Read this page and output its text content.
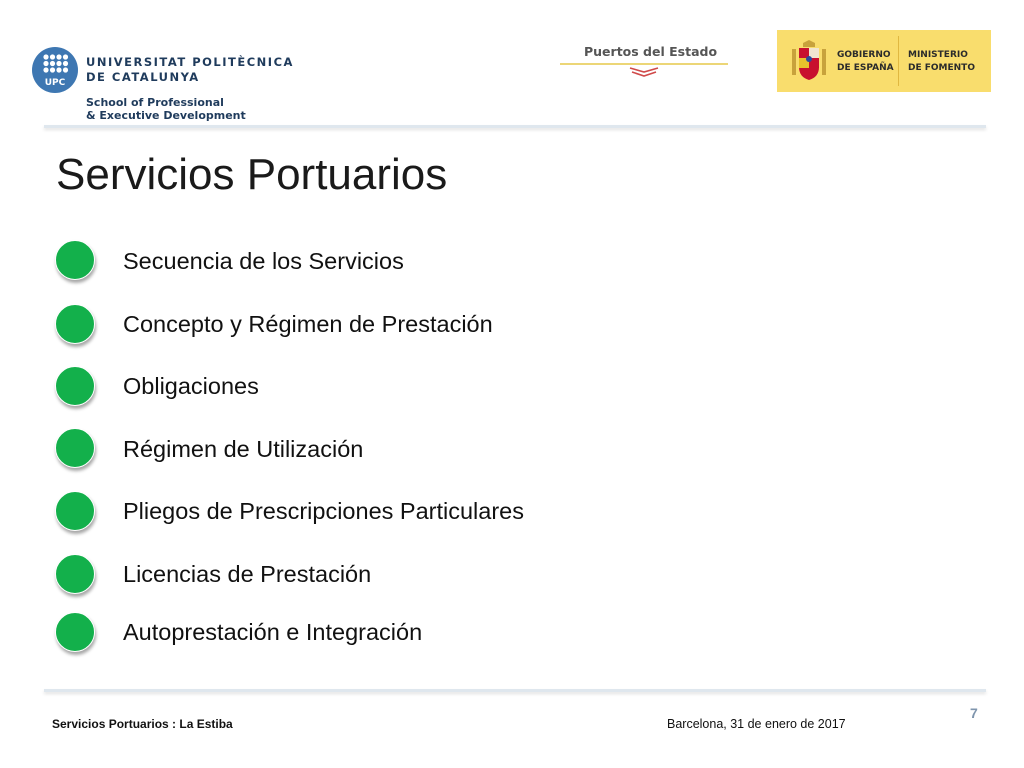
UPC
UNIVERSITAT POLITÈCNICA
DE CATALUNYA
School of Professional
& Executive Development
Puertos del Estado	GOBIERNO
DE ESPAÑA
MINISTERIO
DE FOMENTO
Servicios Portuarios
Secuencia de los Servicios
Concepto y Régimen de Prestación
Obligaciones
Régimen de Utilización
Pliegos de Prescripciones Particulares
Licencias de Prestación
Autoprestación e Integración
Servicios Portuarios : La Estiba	Barcelona, 31 de enero de 2017
7
